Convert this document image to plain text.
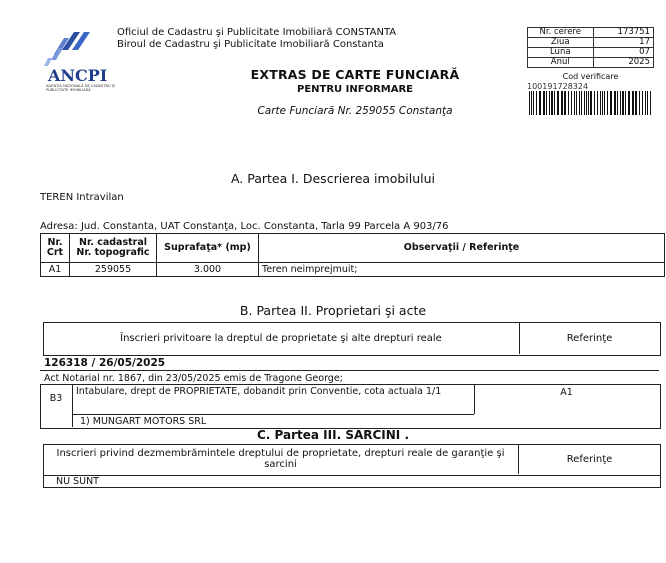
ANCPI
AGENŢIA NAŢIONALĂ DE CADASTRU ŞI PUBLICITATE IMOBILIARĂ
Oficiul de Cadastru şi Publicitate Imobiliară CONSTANTA
Biroul de Cadastru şi Publicitate Imobiliară Constanta
EXTRAS DE CARTE FUNCIARĂ
PENTRU INFORMARE
Carte Funciară Nr. 259055 Constanţa
Nr. cerere	173751
Ziua	17
Luna	07
Anul	2025
Cod verificare
100191728324
A. Partea I. Descrierea imobilului
TEREN Intravilan
Adresa: Jud. Constanta, UAT Constanţa, Loc. Constanta, Tarla 99 Parcela A 903/76
Nr. Crt	Nr. cadastral Nr. topografic	Suprafaţa* (mp)	Observaţii / Referinţe
A1	259055	3.000	Teren neimprejmuit;
B. Partea II. Proprietari şi acte
Înscrieri privitoare la dreptul de proprietate şi alte drepturi reale	Referinţe
126318 / 26/05/2025
Act Notarial nr. 1867, din 23/05/2025 emis de Tragone George;
B3
Intabulare, drept de PROPRIETATE, dobandit prin Conventie, cota actuala 1/1	A1
1) MUNGART MOTORS SRL
C. Partea III. SARCINI .
Inscrieri privind dezmembrămintele dreptului de proprietate, drepturi reale de garanţie şi sarcini	Referinţe
NU SUNT
